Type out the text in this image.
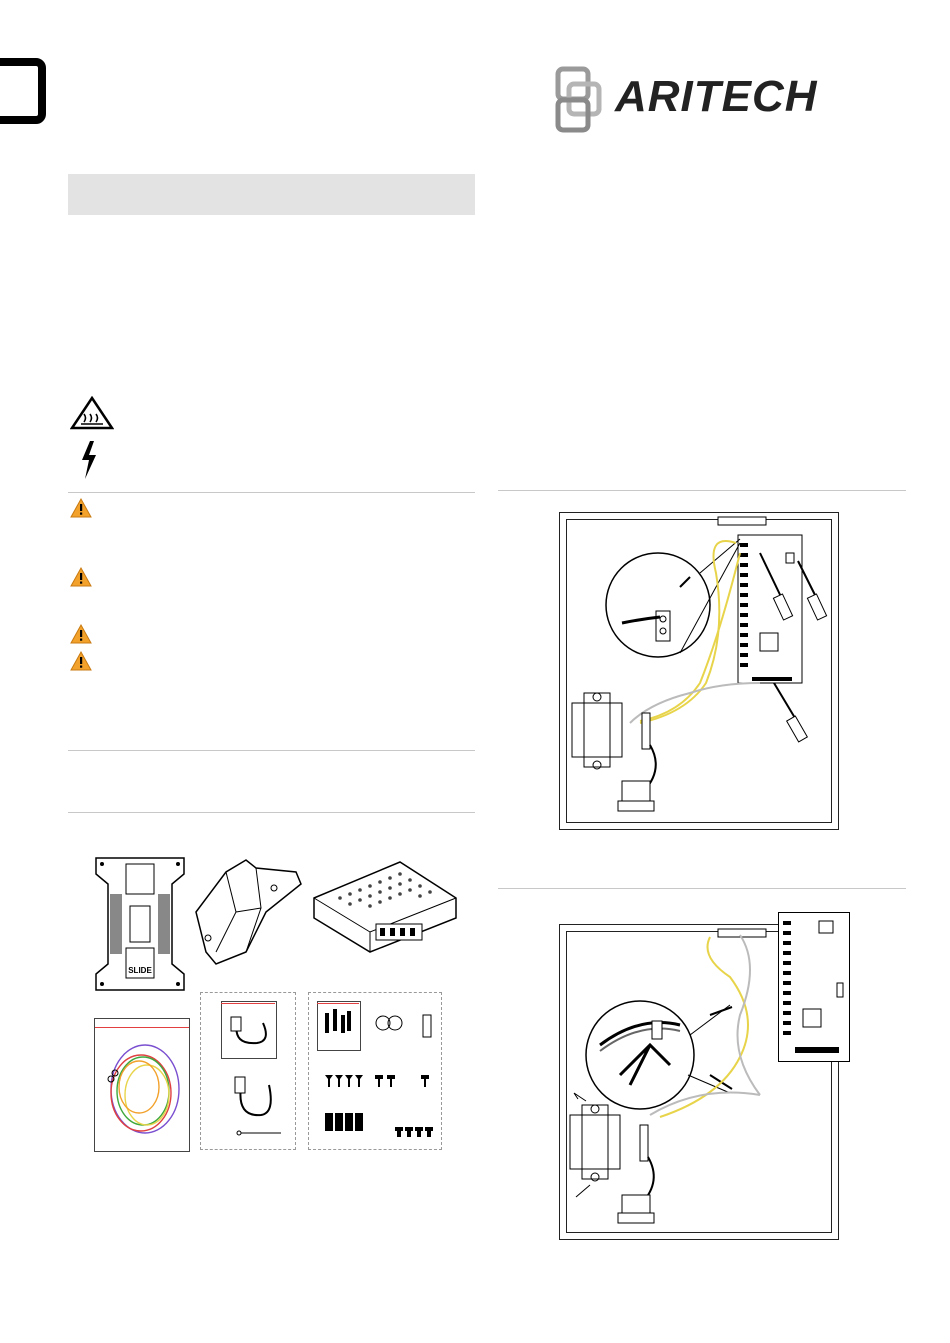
ARITECH
SLIDE
